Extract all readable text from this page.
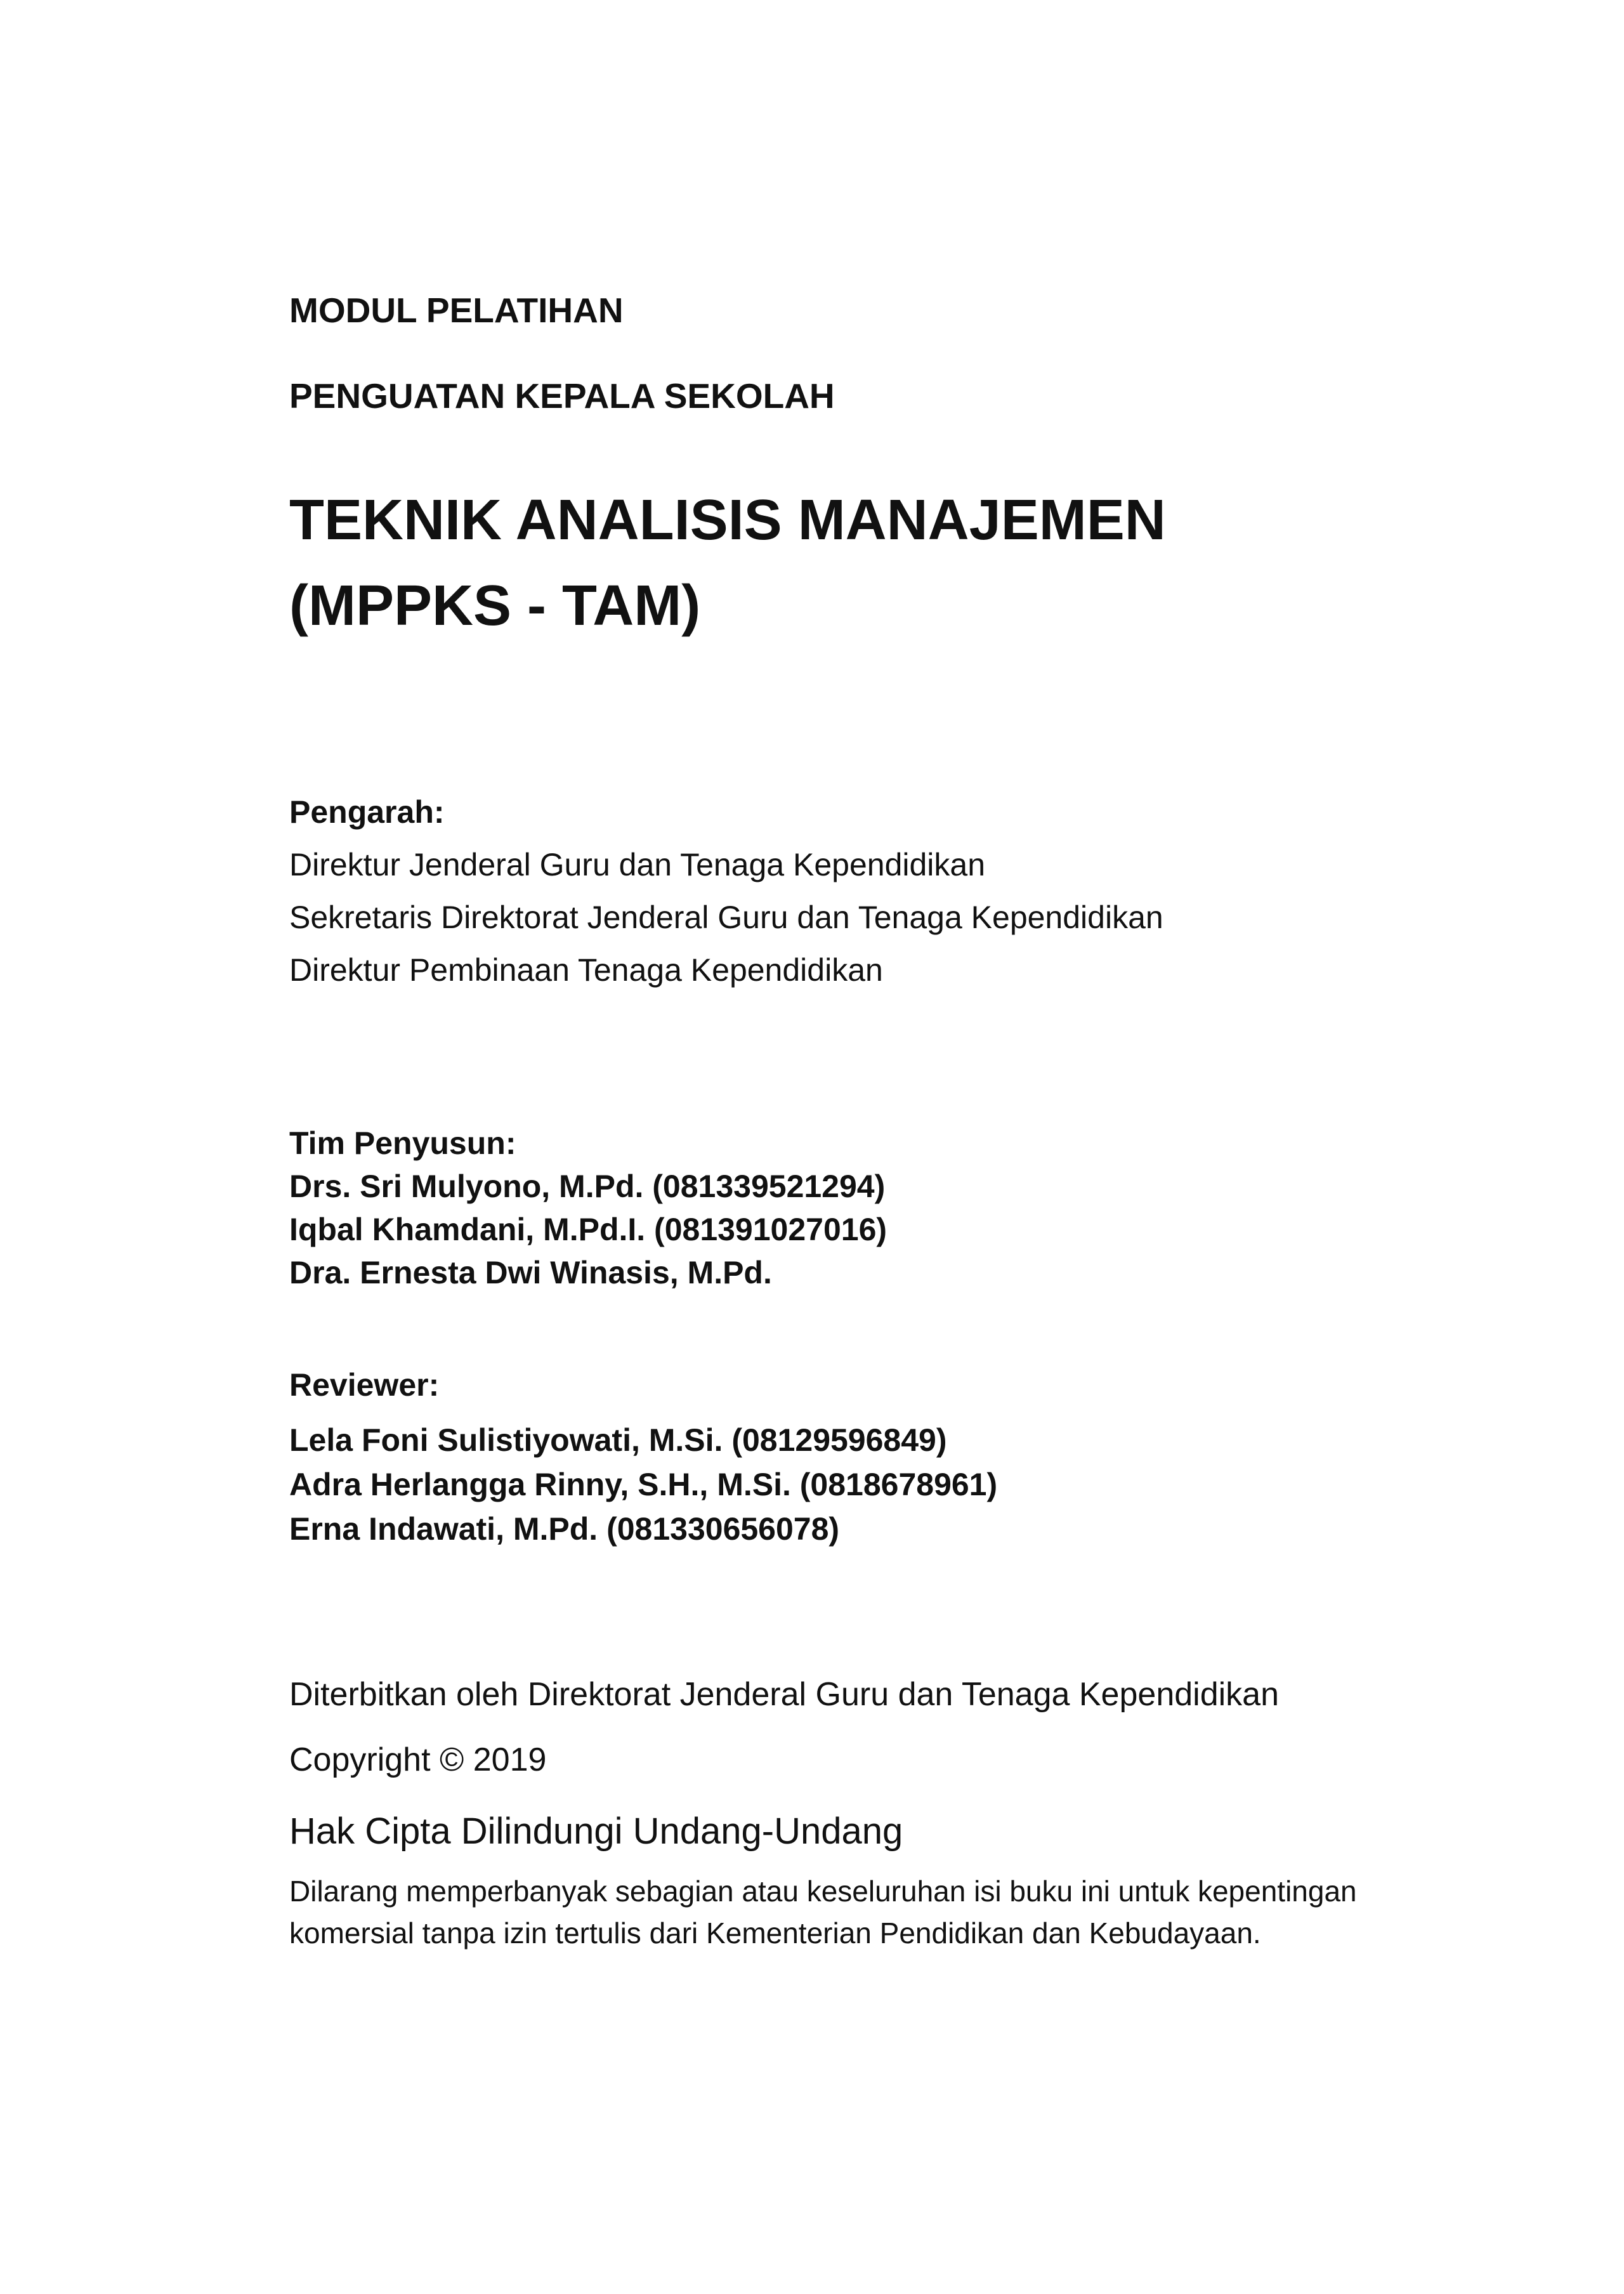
MODUL PELATIHAN

PENGUATAN KEPALA SEKOLAH

TEKNIK ANALISIS MANAJEMEN
(MPPKS - TAM)

Pengarah:

Direktur Jenderal Guru dan Tenaga Kependidikan
Sekretaris Direktorat Jenderal Guru dan Tenaga Kependidikan
Direktur Pembinaan Tenaga Kependidikan

Tim Penyusun:

Drs. Sri Mulyono, M.Pd. (081339521294)
Iqbal Khamdani, M.Pd.I. (081391027016)
Dra. Ernesta Dwi Winasis, M.Pd.

Reviewer:

Lela Foni Sulistiyowati, M.Si. (08129596849)
Adra Herlangga Rinny, S.H., M.Si. (0818678961)
Erna Indawati, M.Pd. (081330656078)

Diterbitkan oleh Direktorat Jenderal Guru dan Tenaga Kependidikan

Copyright © 2019

Hak Cipta Dilindungi Undang-Undang

Dilarang memperbanyak sebagian atau keseluruhan isi buku ini untuk kepentingan
komersial tanpa izin tertulis dari Kementerian Pendidikan dan Kebudayaan.
